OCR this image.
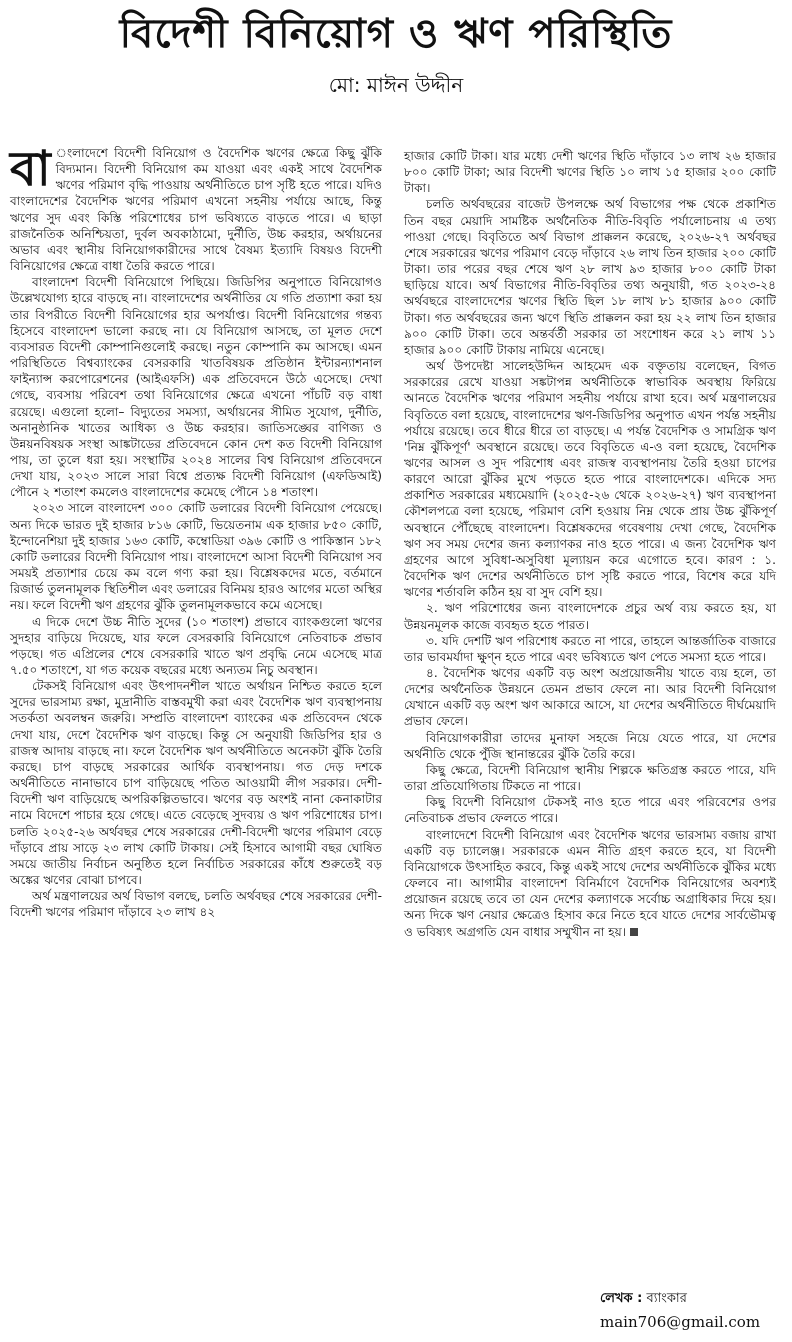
বিদেশী বিনিয়োগ ও ঋণ পরিস্থিতি
মো: মাঈন উদ্দীন

বা ংলাদেশে বিদেশী বিনিয়োগ ও বৈদেশিক ঋণের ক্ষেত্রে কিছু ঝুঁকি বিদ্যমান। বিদেশী বিনিয়োগ কম যাওয়া এবং একই সাথে বৈদেশিক ঋণের পরিমাণ বৃদ্ধি পাওয়ায় অর্থনীতিতে চাপ সৃষ্টি হতে পারে। যদিও বাংলাদেশের বৈদেশিক ঋণের পরিমাণ এখনো সহনীয় পর্যায়ে আছে, কিন্তু ঋণের সুদ এবং কিস্তি পরিশোধের চাপ ভবিষ্যতে বাড়তে পারে। এ ছাড়া রাজনৈতিক অনিশ্চিয়তা, দুর্বল অবকাঠামো, দুর্নীতি, উচ্চ করহার, অর্থায়নের অভাব এবং স্থানীয় বিনিয়োগকারীদের সাথে বৈষম্য ইত্যাদি বিষয়ও বিদেশী বিনিয়োগের ক্ষেত্রে বাধা তৈরি করতে পারে।

বাংলাদেশ বিদেশী বিনিয়োগে পিছিয়ে। জিডিপির অনুপাতে বিনিয়োগও উল্লেখযোগ্য হারে বাড়ছে না। বাংলাদেশের অর্থনীতির যে গতি প্রত্যাশা করা হয় তার বিপরীতে বিদেশী বিনিয়োগের হার অপর্যাপ্ত। বিদেশী বিনিয়োগের গন্তব্য হিসেবে বাংলাদেশ ভালো করছে না। যে বিনিয়োগ আসছে, তা মূলত দেশে ব্যবসারত বিদেশী কোম্পানিগুলোই করছে। নতুন কোম্পানি কম আসছে। এমন পরিস্থিতিতে বিশ্বব্যাংকের বেসরকারি খাতবিষয়ক প্রতিষ্ঠান ইন্টারন্যাশনাল ফাইন্যান্স করপোরেশনের (আইএফসি) এক প্রতিবেদনে উঠে এসেছে। দেখা গেছে, ব্যবসায় পরিবেশ তথা বিনিয়োগের ক্ষেত্রে এখনো পাঁচটি বড় বাধা রয়েছে। এগুলো হলো– বিদ্যুতের সমস্যা, অর্থায়নের সীমিত সুযোগ, দুর্নীতি, অনানুষ্ঠানিক খাতের আধিক্য ও উচ্চ করহার। জাতিসঙ্ঘের বাণিজ্য ও উন্নয়নবিষয়ক সংস্থা আঙ্কটাডের প্রতিবেদনে কোন দেশ কত বিদেশী বিনিয়োগ পায়, তা তুলে ধরা হয়। সংস্থাটির ২০২৪ সালের বিশ্ব বিনিয়োগ প্রতিবেদনে দেখা যায়, ২০২৩ সালে সারা বিশ্বে প্রত্যক্ষ বিদেশী বিনিয়োগ (এফডিআই) পৌনে ২ শতাংশ কমলেও বাংলাদেশের কমেছে পৌনে ১৪ শতাংশ।

২০২৩ সালে বাংলাদেশ ৩০০ কোটি ডলারের বিদেশী বিনিয়োগ পেয়েছে। অন্য দিকে ভারত দুই হাজার ৮১৬ কোটি, ভিয়েতনাম এক হাজার ৮৫০ কোটি, ইন্দোনেশিয়া দুই হাজার ১৬৩ কোটি, কম্বোডিয়া ৩৯৬ কোটি ও পাকিস্তান ১৮২ কোটি ডলারের বিদেশী বিনিয়োগ পায়। বাংলাদেশে আসা বিদেশী বিনিয়োগ সব সময়ই প্রত্যাশার চেয়ে কম বলে গণ্য করা হয়। বিশ্লেষকদের মতে, বর্তমানে রিজার্ভ তুলনামূলক স্থিতিশীল এবং ডলারের বিনিময় হারও আগের মতো অস্থির নয়। ফলে বিদেশী ঋণ গ্রহণের ঝুঁকি তুলনামূলকভাবে কমে এসেছে।

এ দিকে দেশে উচ্চ নীতি সুদের (১০ শতাংশ) প্রভাবে ব্যাংকগুলো ঋণের সুদহার বাড়িয়ে দিয়েছে, যার ফলে বেসরকারি বিনিয়োগে নেতিবাচক প্রভাব পড়ছে। গত এপ্রিলের শেষে বেসরকারি খাতে ঋণ প্রবৃদ্ধি নেমে এসেছে মাত্র ৭.৫০ শতাংশে, যা গত কয়েক বছরের মধ্যে অন্যতম নিচু অবস্থান।

টেকসই বিনিয়োগ এবং উৎপাদনশীল খাতে অর্থায়ন নিশ্চিত করতে হলে সুদের ভারসাম্য রক্ষা, মুদ্রানীতি বাস্তবমুখী করা এবং বৈদেশিক ঋণ ব্যবস্থাপনায় সতর্কতা অবলম্বন জরুরি। সম্প্রতি বাংলাদেশ ব্যাংকের এক প্রতিবেদন থেকে দেখা যায়, দেশে বৈদেশিক ঋণ বাড়ছে। কিন্তু সে অনুযায়ী জিডিপির হার ও রাজস্ব আদায় বাড়ছে না। ফলে বৈদেশিক ঋণ অর্থনীতিতে অনেকটা ঝুঁকি তৈরি করছে। চাপ বাড়ছে সরকারের আর্থিক ব্যবস্থাপনায়। গত দেড় দশকে অর্থনীতিতে নানাভাবে চাপ বাড়িয়েছে পতিত আওয়ামী লীগ সরকার। দেশী-বিদেশী ঋণ বাড়িয়েছে অপরিকল্পিতভাবে। ঋণের বড় অংশই নানা কেনাকাটার নামে বিদেশে পাচার হয়ে গেছে। এতে বেড়েছে সুদব্যয় ও ঋণ পরিশোধের চাপ। চলতি ২০২৫-২৬ অর্থবছর শেষে সরকারের দেশী-বিদেশী ঋণের পরিমাণ বেড়ে দাঁড়াবে প্রায় সাড়ে ২৩ লাখ কোটি টাকায়। সেই হিসাবে আগামী বছর ঘোষিত সময়ে জাতীয় নির্বাচন অনুষ্ঠিত হলে নির্বাচিত সরকারের কাঁধে শুরুতেই বড় অঙ্কের ঋণের বোঝা চাপবে।

অর্থ মন্ত্রণালয়ের অর্থ বিভাগ বলছে, চলতি অর্থবছর শেষে সরকারের দেশী-বিদেশী ঋণের পরিমাণ দাঁড়াবে ২৩ লাখ ৪২

হাজার কোটি টাকা। যার মধ্যে দেশী ঋণের স্থিতি দাঁড়াবে ১৩ লাখ ২৬ হাজার ৮০০ কোটি টাকা; আর বিদেশী ঋণের স্থিতি ১০ লাখ ১৫ হাজার ২০০ কোটি টাকা।

চলতি অর্থবছরের বাজেট উপলক্ষে অর্থ বিভাগের পক্ষ থেকে প্রকাশিত তিন বছর মেয়াদি সামষ্টিক অর্থনৈতিক নীতি-বিবৃতি পর্যালোচনায় এ তথ্য পাওয়া গেছে। বিবৃতিতে অর্থ বিভাগ প্রাক্কলন করেছে, ২০২৬-২৭ অর্থবছর শেষে সরকারের ঋণের পরিমাণ বেড়ে দাঁড়াবে ২৬ লাখ তিন হাজার ২০০ কোটি টাকা। তার পরের বছর শেষে ঋণ ২৮ লাখ ৯৩ হাজার ৮০০ কোটি টাকা ছাড়িয়ে যাবে। অর্থ বিভাগের নীতি-বিবৃতির তথ্য অনুযায়ী, গত ২০২৩-২৪ অর্থবছরে বাংলাদেশের ঋণের স্থিতি ছিল ১৮ লাখ ৮১ হাজার ৯০০ কোটি টাকা। গত অর্থবছরের জন্য ঋণে স্থিতি প্রাক্কলন করা হয় ২২ লাখ তিন হাজার ৯০০ কোটি টাকা। তবে অন্তর্বর্তী সরকার তা সংশোধন করে ২১ লাখ ১১ হাজার ৯০০ কোটি টাকায় নামিয়ে এনেছে।

অর্থ উপদেষ্টা সালেহউদ্দিন আহমেদ এক বক্তৃতায় বলেছেন, বিগত সরকারের রেখে যাওয়া সঙ্কটাপন্ন অর্থনীতিকে স্বাভাবিক অবস্থায় ফিরিয়ে আনতে বৈদেশিক ঋণের পরিমাণ সহনীয় পর্যায়ে রাখা হবে। অর্থ মন্ত্রণালয়ের বিবৃতিতে বলা হয়েছে, বাংলাদেশের ঋণ-জিডিপির অনুপাত এখন পর্যন্ত সহনীয় পর্যায়ে রয়েছে। তবে ধীরে ধীরে তা বাড়ছে। এ পর্যন্ত বৈদেশিক ও সামগ্রিক ঋণ 'নিম্ন ঝুঁকিপূর্ণ' অবস্থানে রয়েছে। তবে বিবৃতিতে এ-ও বলা হয়েছে, বৈদেশিক ঋণের আসল ও সুদ পরিশোধ এবং রাজস্ব ব্যবস্থাপনায় তৈরি হওয়া চাপের কারণে আরো ঝুঁকির মুখে পড়তে হতে পারে বাংলাদেশকে। এদিকে সদ্য প্রকাশিত সরকারের মধ্যমেয়াদি (২০২৫-২৬ থেকে ২০২৬-২৭) ঋণ ব্যবস্থাপনা কৌশলপত্রে বলা হয়েছে, পরিমাণ বেশি হওয়ায় নিম্ন থেকে প্রায় উচ্চ ঝুঁকিপূর্ণ অবস্থানে পৌঁছেছে বাংলাদেশ। বিশ্লেষকদের গবেষণায় দেখা গেছে, বৈদেশিক ঋণ সব সময় দেশের জন্য কল্যাণকর নাও হতে পারে। এ জন্য বৈদেশিক ঋণ গ্রহণের আগে সুবিধা-অসুবিধা মূল্যায়ন করে এগোতে হবে। কারণ : ১. বৈদেশিক ঋণ দেশের অর্থনীতিতে চাপ সৃষ্টি করতে পারে, বিশেষ করে যদি ঋণের শর্তাবলি কঠিন হয় বা সুদ বেশি হয়।

২. ঋণ পরিশোধের জন্য বাংলাদেশকে প্রচুর অর্থ ব্যয় করতে হয়, যা উন্নয়নমূলক কাজে ব্যবহৃত হতে পারত।

৩. যদি দেশটি ঋণ পরিশোধ করতে না পারে, তাহলে আন্তর্জাতিক বাজারে তার ভাবমর্যাদা ক্ষুণ্ন হতে পারে এবং ভবিষ্যতে ঋণ পেতে সমস্যা হতে পারে।

৪. বৈদেশিক ঋণের একটি বড় অংশ অপ্রয়োজনীয় খাতে ব্যয় হলে, তা দেশের অর্থনৈতিক উন্নয়নে তেমন প্রভাব ফেলে না। আর বিদেশী বিনিয়োগ যেখানে একটি বড় অংশ ঋণ আকারে আসে, যা দেশের অর্থনীতিতে দীর্ঘমেয়াদি প্রভাব ফেলে।

বিনিয়োগকারীরা তাদের মুনাফা সহজে নিয়ে যেতে পারে, যা দেশের অর্থনীতি থেকে পুঁজি স্থানান্তরের ঝুঁকি তৈরি করে।

কিছু ক্ষেত্রে, বিদেশী বিনিয়োগ স্থানীয় শিল্পকে ক্ষতিগ্রস্ত করতে পারে, যদি তারা প্রতিযোগিতায় টিকতে না পারে।

কিছু বিদেশী বিনিয়োগ টেকসই নাও হতে পারে এবং পরিবেশের ওপর নেতিবাচক প্রভাব ফেলতে পারে।

বাংলাদেশে বিদেশী বিনিয়োগ এবং বৈদেশিক ঋণের ভারসাম্য বজায় রাখা একটি বড় চ্যালেঞ্জ। সরকারকে এমন নীতি গ্রহণ করতে হবে, যা বিদেশী বিনিয়োগকে উৎসাহিত করবে, কিন্তু একই সাথে দেশের অর্থনীতিকে ঝুঁকির মধ্যে ফেলবে না। আগামীর বাংলাদেশ বিনির্মাণে বৈদেশিক বিনিয়োগের অবশ্যই প্রয়োজন রয়েছে তবে তা যেন দেশের কল্যাণকে সর্বোচ্চ অগ্রাধিকার দিয়ে হয়। অন্য দিকে ঋণ নেয়ার ক্ষেত্রেও হিসাব করে নিতে হবে যাতে দেশের সার্বভৌমত্ব ও ভবিষ্যৎ অগ্রগতি যেন বাধার সম্মুখীন না হয়।

লেখক : ব্যাংকার
main706@gmail.com
